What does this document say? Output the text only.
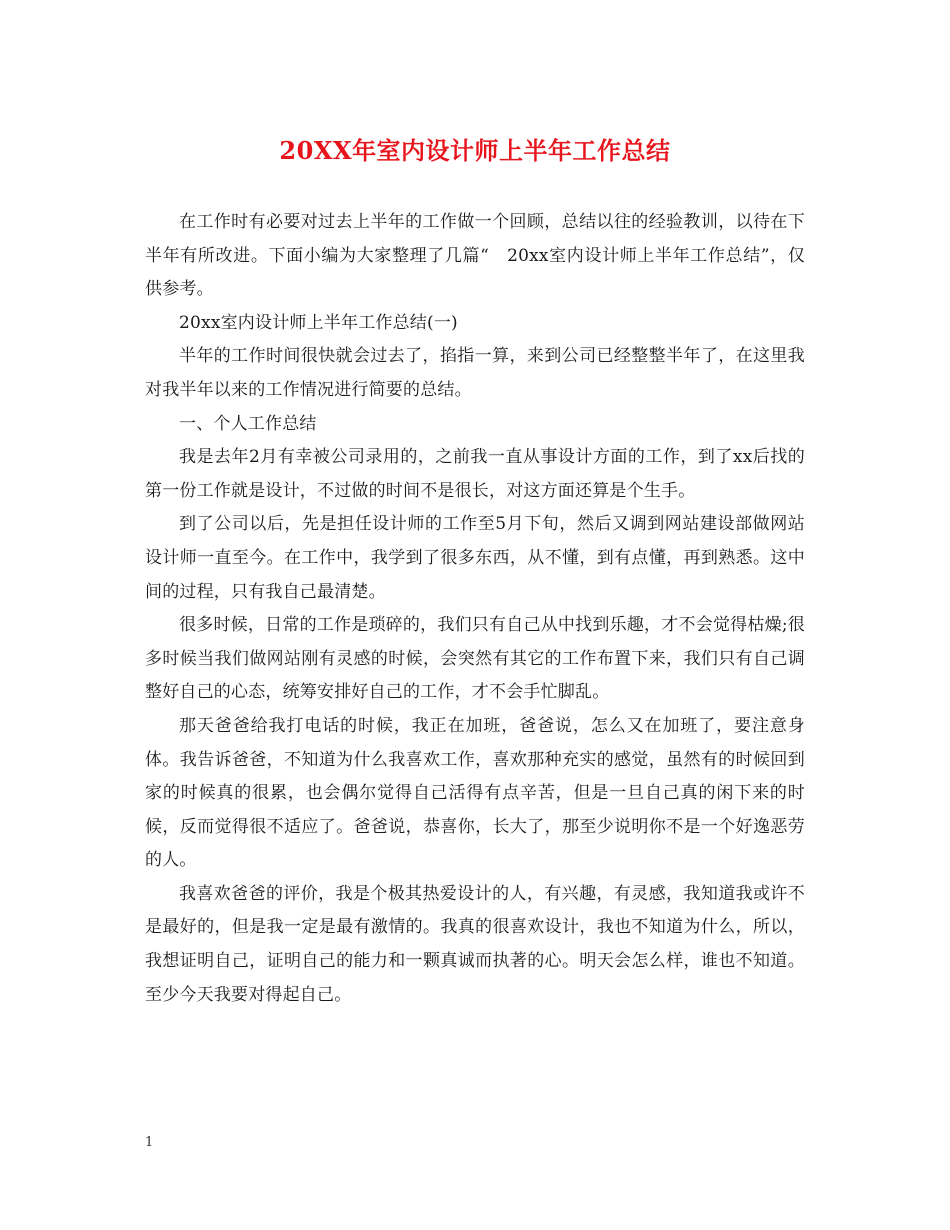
20XX年室内设计师上半年工作总结

在工作时有必要对过去上半年的工作做一个回顾，总结以往的经验教训，以待在下半年有所改进。下面小编为大家整理了几篇“　20xx室内设计师上半年工作总结”，仅供参考。

20xx室内设计师上半年工作总结(一)

半年的工作时间很快就会过去了，掐指一算，来到公司已经整整半年了，在这里我对我半年以来的工作情况进行简要的总结。

一、个人工作总结

我是去年2月有幸被公司录用的，之前我一直从事设计方面的工作，到了xx后找的第一份工作就是设计，不过做的时间不是很长，对这方面还算是个生手。

到了公司以后，先是担任设计师的工作至5月下旬，然后又调到网站建设部做网站设计师一直至今。在工作中，我学到了很多东西，从不懂，到有点懂，再到熟悉。这中间的过程，只有我自己最清楚。

很多时候，日常的工作是琐碎的，我们只有自己从中找到乐趣，才不会觉得枯燥;很多时候当我们做网站刚有灵感的时候，会突然有其它的工作布置下来，我们只有自己调整好自己的心态，统筹安排好自己的工作，才不会手忙脚乱。

那天爸爸给我打电话的时候，我正在加班，爸爸说，怎么又在加班了，要注意身体。我告诉爸爸，不知道为什么我喜欢工作，喜欢那种充实的感觉，虽然有的时候回到家的时候真的很累，也会偶尔觉得自己活得有点辛苦，但是一旦自己真的闲下来的时候，反而觉得很不适应了。爸爸说，恭喜你，长大了，那至少说明你不是一个好逸恶劳的人。

我喜欢爸爸的评价，我是个极其热爱设计的人，有兴趣，有灵感，我知道我或许不是最好的，但是我一定是最有激情的。我真的很喜欢设计，我也不知道为什么，所以，我想证明自己，证明自己的能力和一颗真诚而执著的心。明天会怎么样，谁也不知道。至少今天我要对得起自己。

1
